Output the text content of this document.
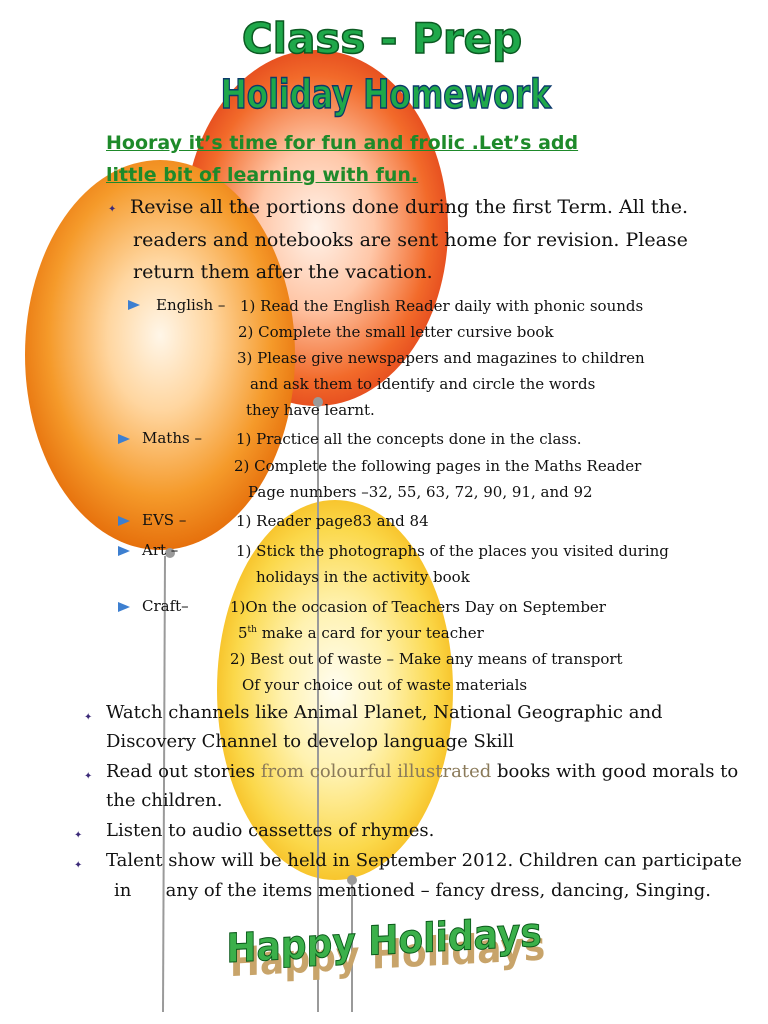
Class - Prep
Holiday Homework
Hooray it’s time for fun and frolic .Let’s add
little bit of learning with fun.
✦ Revise all the portions done during the first Term. All the .
readers and notebooks are sent home for revision. Please
return them after the vacation.
English – 1) Read the English Reader daily with phonic sounds
2) Complete the small letter cursive book
3) Please give newspapers and magazines to children
and ask them to identify and circle the words
they have learnt.
Maths – 1) Practice all the concepts done in the class.
2) Complete the following pages in the Maths Reader
Page numbers –32, 55, 63, 72, 90, 91, and 92
EVS –	1) Reader page83 and 84
Art –	1) Stick the photographs of the places you visited during
holidays in the activity book
Craft–	1)On the occasion of Teachers Day on September
5th make a card for your teacher
2) Best out of waste – Make any means of transport
Of your choice out of waste materials
✦ Watch channels like Animal Planet, National Geographic and
Discovery Channel to develop language Skill
✦ Read out stories from colourful illustrated books with good morals to
the children.
✦ Listen to audio cassettes of rhymes.
✦ Talent show will be held in September 2012. Children can participate
in      any of the items mentioned – fancy dress, dancing, Singing.
Happy Holidays
